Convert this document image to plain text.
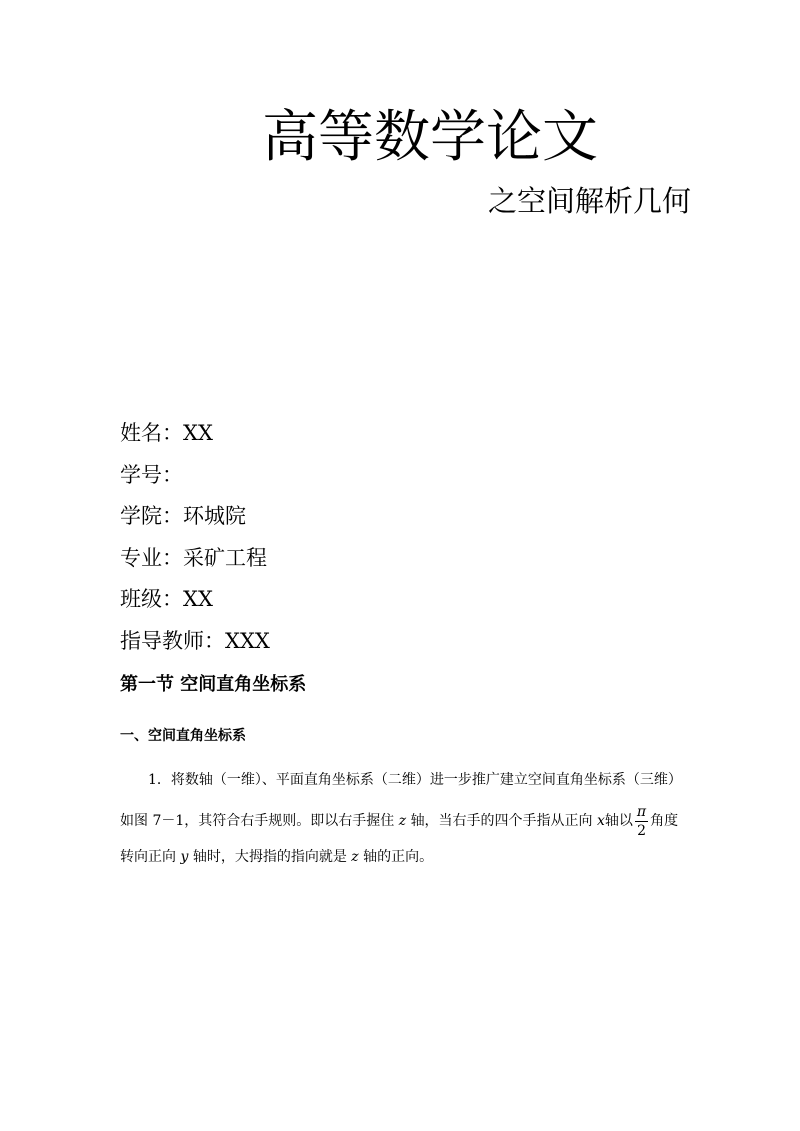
高等数学论文
之空间解析几何
姓名：XX
学号：
学院：环城院
专业：采矿工程
班级：XX
指导教师：XXX
第一节 空间直角坐标系
一、空间直角坐标系
1．将数轴（一维）、平面直角坐标系（二维）进一步推广建立空间直角坐标系（三维）
如图 7－1，其符合右手规则。即以右手握住 z 轴，当右手的四个手指从正向 x轴以 $\frac{\pi}{2}$ 角度
转向正向 y 轴时，大拇指的指向就是 z 轴的正向。
